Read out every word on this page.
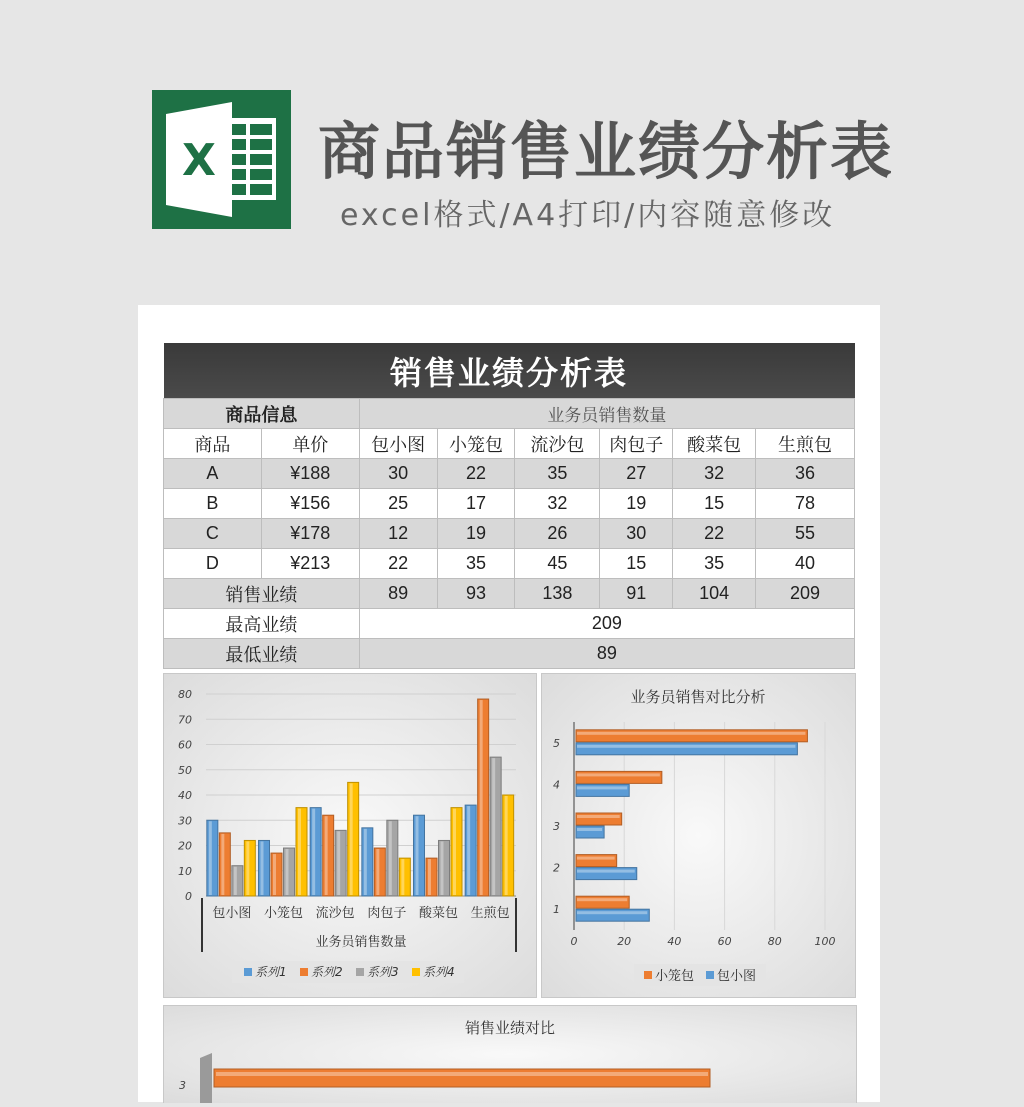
X 商品销售业绩分析表
excel格式/A4打印/内容随意修改
销售业绩分析表							
商品信息		业务员销售数量					
商品	单价	包小图	小笼包	流沙包	肉包子	酸菜包	生煎包
A	¥188	30	22	35	27	32	36
B	¥156	25	17	32	19	15	78
C	¥178	12	19	26	30	22	55
D	¥213	22	35	45	15	35	40
销售业绩		89	93	138	91	104	209
最高业绩		209					
最低业绩		89					
0
10
20
30
40
50
60
70
80
包小图 小笼包 流沙包 肉包子 酸菜包 生煎包
业务员销售数量
系列1 系列2 系列3 系列4
业务员销售对比分析
0	20	40	60	80	100
1
2
3
4
5
小笼包 包小图
销售业绩对比
3
